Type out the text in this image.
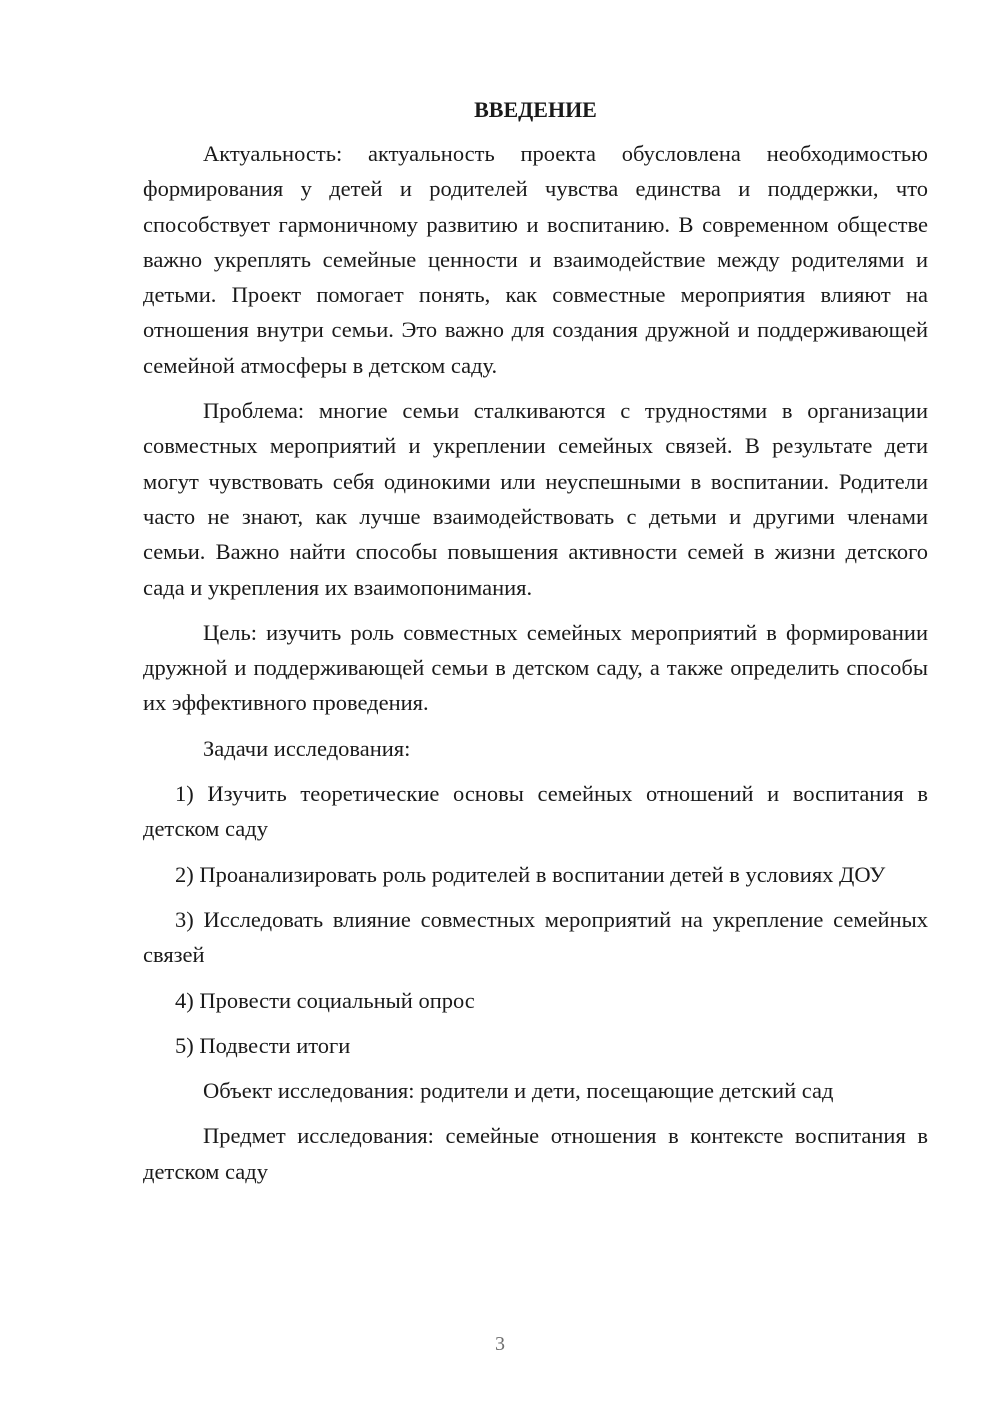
ВВЕДЕНИЕ

Актуальность: актуальность проекта обусловлена необходимостью формирования у детей и родителей чувства единства и поддержки, что способствует гармоничному развитию и воспитанию. В современном обществе важно укреплять семейные ценности и взаимодействие между родителями и детьми. Проект помогает понять, как совместные мероприятия влияют на отношения внутри семьи. Это важно для создания дружной и поддерживающей семейной атмосферы в детском саду.

Проблема: многие семьи сталкиваются с трудностями в организации совместных мероприятий и укреплении семейных связей. В результате дети могут чувствовать себя одинокими или неуспешными в воспитании. Родители часто не знают, как лучше взаимодействовать с детьми и другими членами семьи. Важно найти способы повышения активности семей в жизни детского сада и укрепления их взаимопонимания.

Цель: изучить роль совместных семейных мероприятий в формировании дружной и поддерживающей семьи в детском саду, а также определить способы их эффективного проведения.

Задачи исследования:

1) Изучить теоретические основы семейных отношений и воспитания в детском саду

2) Проанализировать роль родителей в воспитании детей в условиях ДОУ

3) Исследовать влияние совместных мероприятий на укрепление семейных связей

4) Провести социальный опрос

5) Подвести итоги

Объект исследования: родители и дети, посещающие детский сад

Предмет исследования: семейные отношения в контексте воспитания в детском саду

3
